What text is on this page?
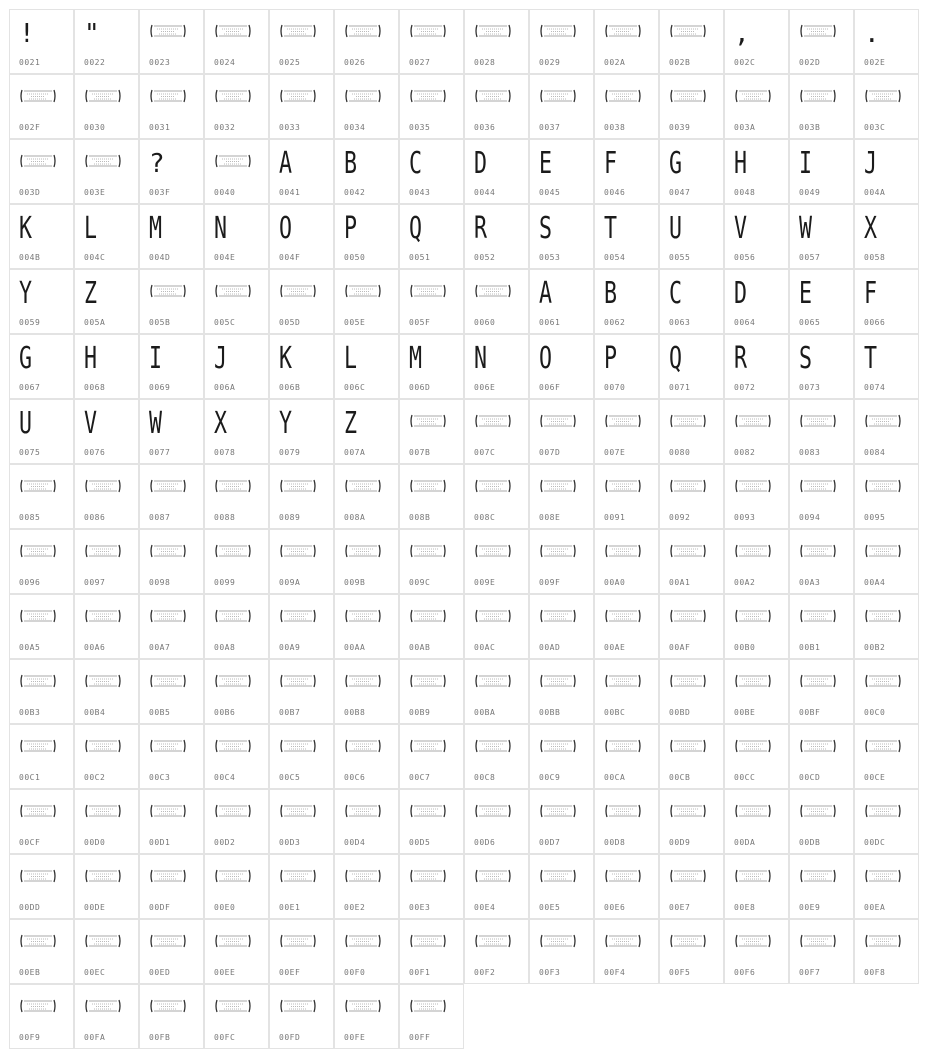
!
0021
"
0022	0023	0024	0025	0026	0027	0028	0029	002A	002B
,
002C	002D
.
002E
002F	0030	0031	0032	0033	0034	0035	0036	0037	0038	0039	003A	003B	003C
003D	003E
?
003F	0040
A
0041
B
0042
C
0043
D
0044
E
0045
F
0046
G
0047
H
0048
I
0049
J
004A
K
004B
L
004C
M
004D
N
004E
O
004F
P
0050
Q
0051
R
0052
S
0053
T
0054
U
0055
V
0056
W
0057
X
0058
Y
0059
Z
005A	005B	005C	005D	005E	005F	0060
A
0061
B
0062
C
0063
D
0064
E
0065
F
0066
G
0067
H
0068
I
0069
J
006A
K
006B
L
006C
M
006D
N
006E
O
006F
P
0070
Q
0071
R
0072
S
0073
T
0074
U
0075
V
0076
W
0077
X
0078
Y
0079
Z
007A	007B	007C	007D	007E	0080	0082	0083	0084
0085	0086	0087	0088	0089	008A	008B	008C	008E	0091	0092	0093	0094	0095
0096	0097	0098	0099	009A	009B	009C	009E	009F	00A0	00A1	00A2	00A3	00A4
00A5	00A6	00A7	00A8	00A9	00AA	00AB	00AC	00AD	00AE	00AF	00B0	00B1	00B2
00B3	00B4	00B5	00B6	00B7	00B8	00B9	00BA	00BB	00BC	00BD	00BE	00BF	00C0
00C1	00C2	00C3	00C4	00C5	00C6	00C7	00C8	00C9	00CA	00CB	00CC	00CD	00CE
00CF	00D0	00D1	00D2	00D3	00D4	00D5	00D6	00D7	00D8	00D9	00DA	00DB	00DC
00DD	00DE	00DF	00E0	00E1	00E2	00E3	00E4	00E5	00E6	00E7	00E8	00E9	00EA
00EB	00EC	00ED	00EE	00EF	00F0	00F1	00F2	00F3	00F4	00F5	00F6	00F7	00F8
00F9	00FA	00FB	00FC	00FD	00FE	00FF
